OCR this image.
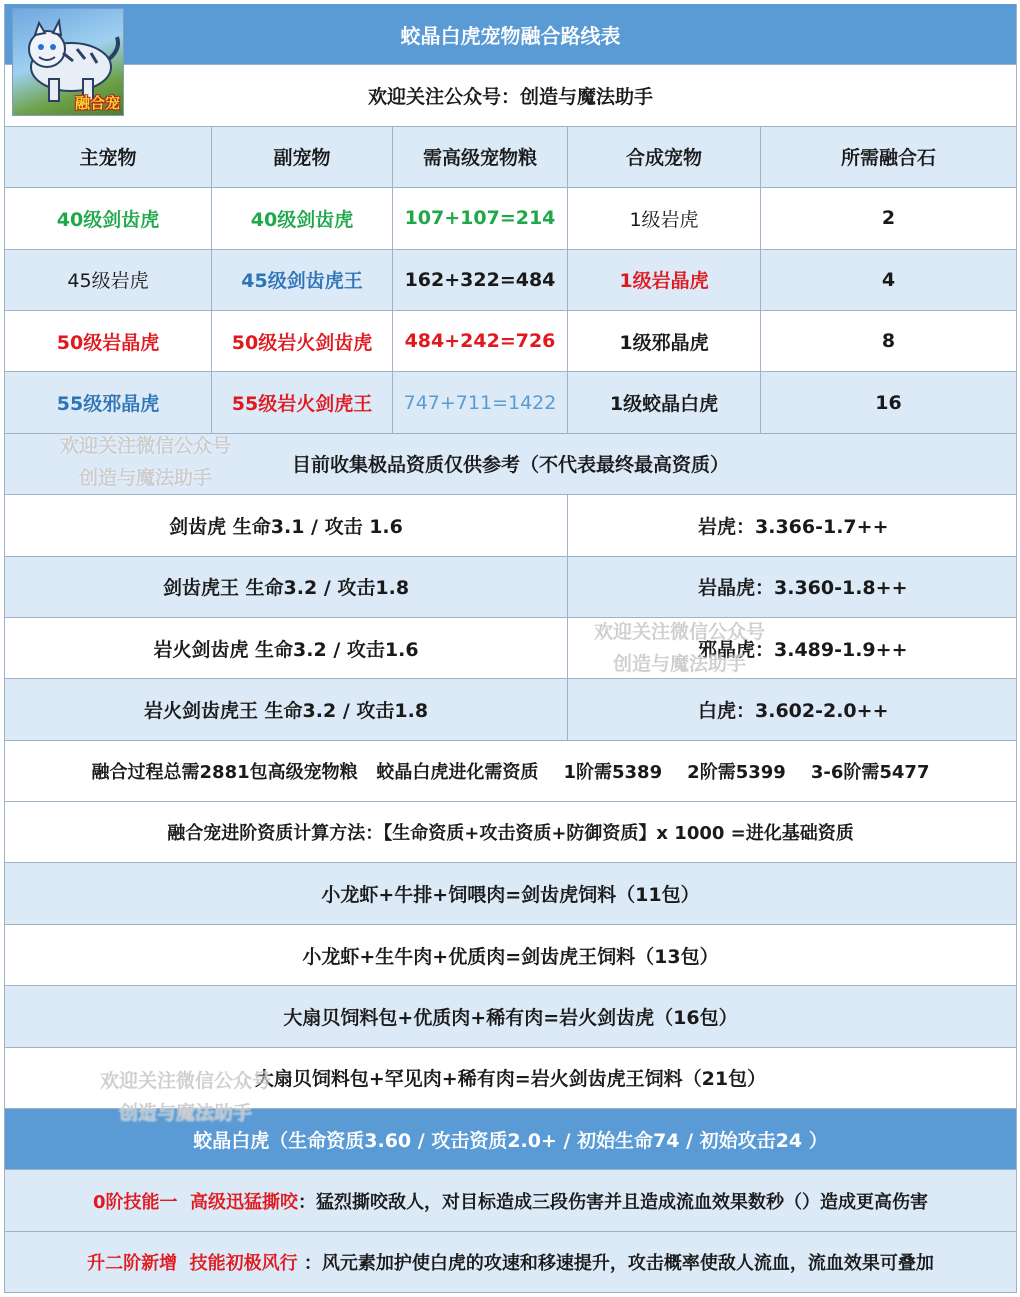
蛟晶白虎宠物融合路线表
欢迎关注公众号：创造与魔法助手
主宠物	副宠物	需高级宠物粮	合成宠物	所需融合石
40级剑齿虎	40级剑齿虎	107+107=214	1级岩虎	2
45级岩虎	45级剑齿虎王	162+322=484	1级岩晶虎	4
50级岩晶虎	50级岩火剑齿虎	484+242=726	1级邪晶虎	8
55级邪晶虎	55级岩火剑虎王	747+711=1422	1级蛟晶白虎	16
目前收集极品资质仅供参考（不代表最终最高资质）
剑齿虎 生命3.1 / 攻击 1.6	岩虎：3.366-1.7++
剑齿虎王 生命3.2 / 攻击1.8	岩晶虎：3.360-1.8++
岩火剑齿虎 生命3.2 / 攻击1.6	邪晶虎：3.489-1.9++
岩火剑齿虎王 生命3.2 / 攻击1.8	白虎：3.602-2.0++
融合过程总需2881包高级宠物粮   蛟晶白虎进化需资质    1阶需5389    2阶需5399    3-6阶需5477
融合宠进阶资质计算方法：【生命资质+攻击资质+防御资质】x 1000 =进化基础资质
小龙虾+牛排+饲喂肉=剑齿虎饲料（11包）
小龙虾+生牛肉+优质肉=剑齿虎王饲料（13包）
大扇贝饲料包+优质肉+稀有肉=岩火剑齿虎（16包）
大扇贝饲料包+罕见肉+稀有肉=岩火剑齿虎王饲料（21包）
蛟晶白虎（生命资质3.60 / 攻击资质2.0+ / 初始生命74 / 初始攻击24 ）
0阶技能一  高级迅猛撕咬 ：猛烈撕咬敌人，对目标造成三段伤害并且造成流血效果数秒（）造成更高伤害
升二阶新增  技能初极风行 ：风元素加护使白虎的攻速和移速提升，攻击概率使敌人流血，流血效果可叠加
融合宠
欢迎关注微信公众号
创造与魔法助手
欢迎关注微信公众号
创造与魔法助手
欢迎关注微信公众号
创造与魔法助手
